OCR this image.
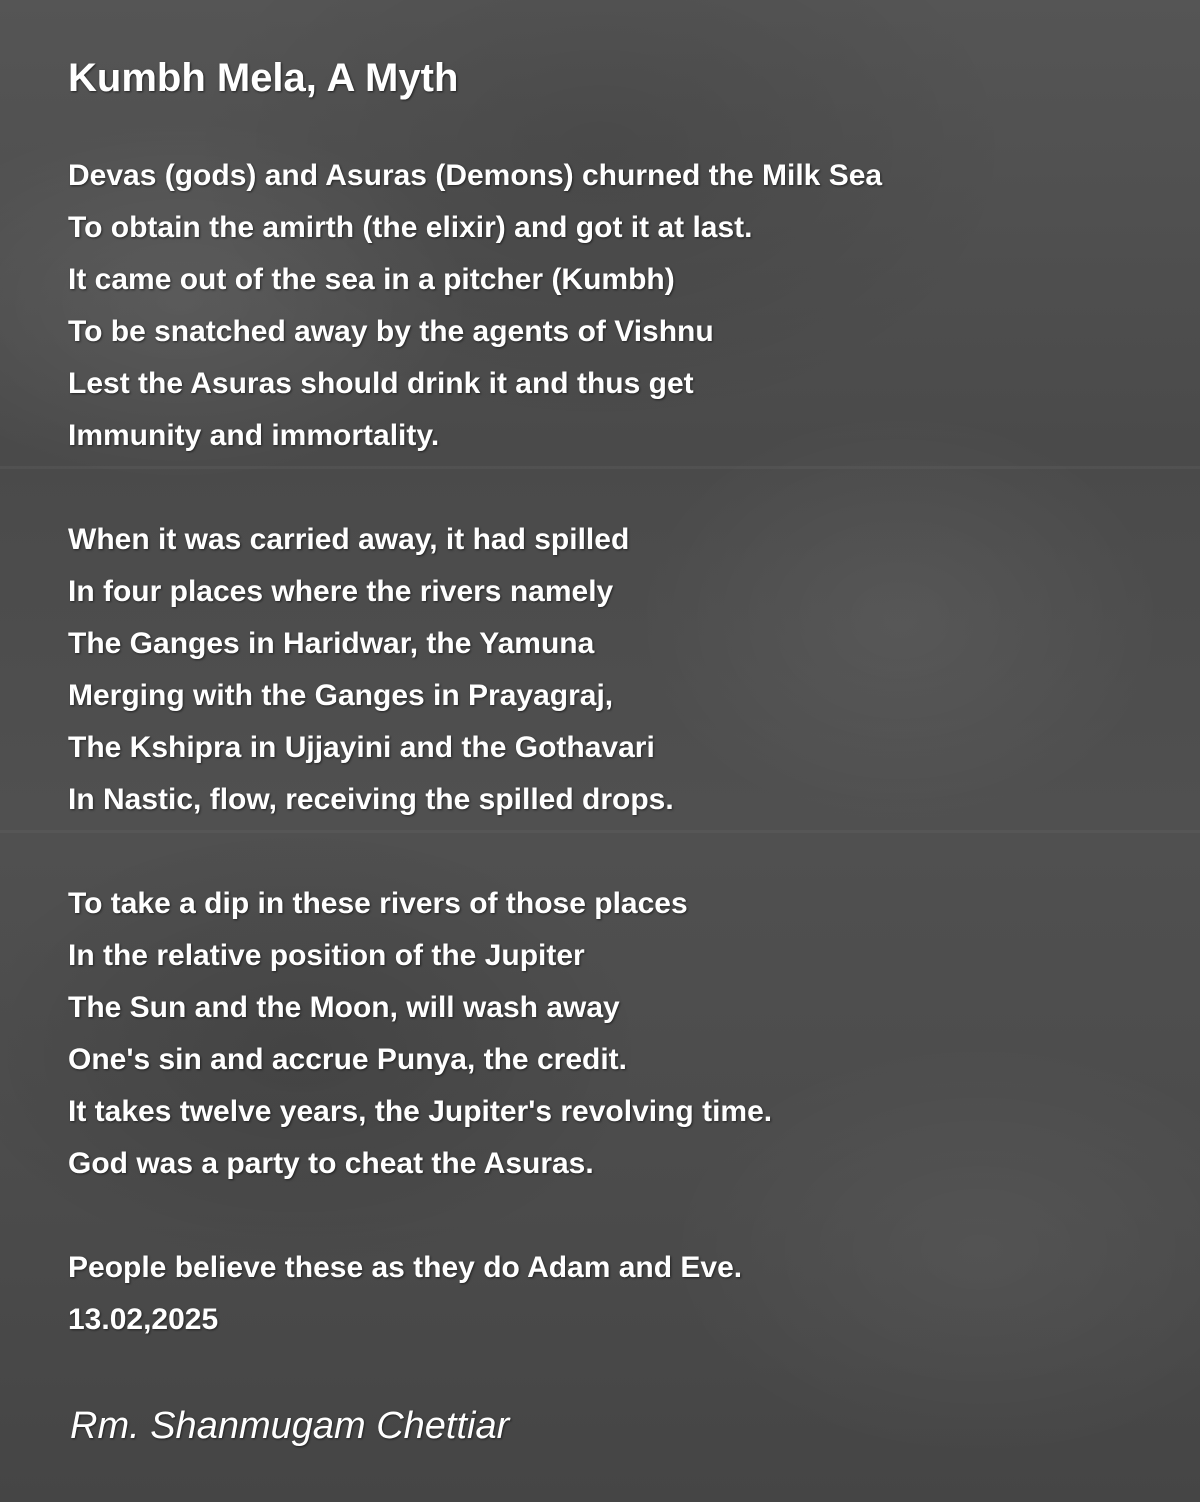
Kumbh Mela, A Myth
Devas (gods) and Asuras (Demons) churned the Milk Sea
To obtain the amirth (the elixir) and got it at last.
It came out of the sea in a pitcher (Kumbh)
To be snatched away by the agents of Vishnu
Lest the Asuras should drink it and thus get
Immunity and immortality.
When it was carried away, it had spilled
In four places where the rivers namely
The Ganges in Haridwar, the Yamuna
Merging with the Ganges in Prayagraj,
The Kshipra in Ujjayini and the Gothavari
In Nastic, flow, receiving the spilled drops.
To take a dip in these rivers of those places
In the relative position of the Jupiter
The Sun and the Moon, will wash away
One's sin and accrue Punya, the credit.
It takes twelve years, the Jupiter's revolving time.
God was a party to cheat the Asuras.
People believe these as they do Adam and Eve.
13.02,2025
Rm. Shanmugam Chettiar
